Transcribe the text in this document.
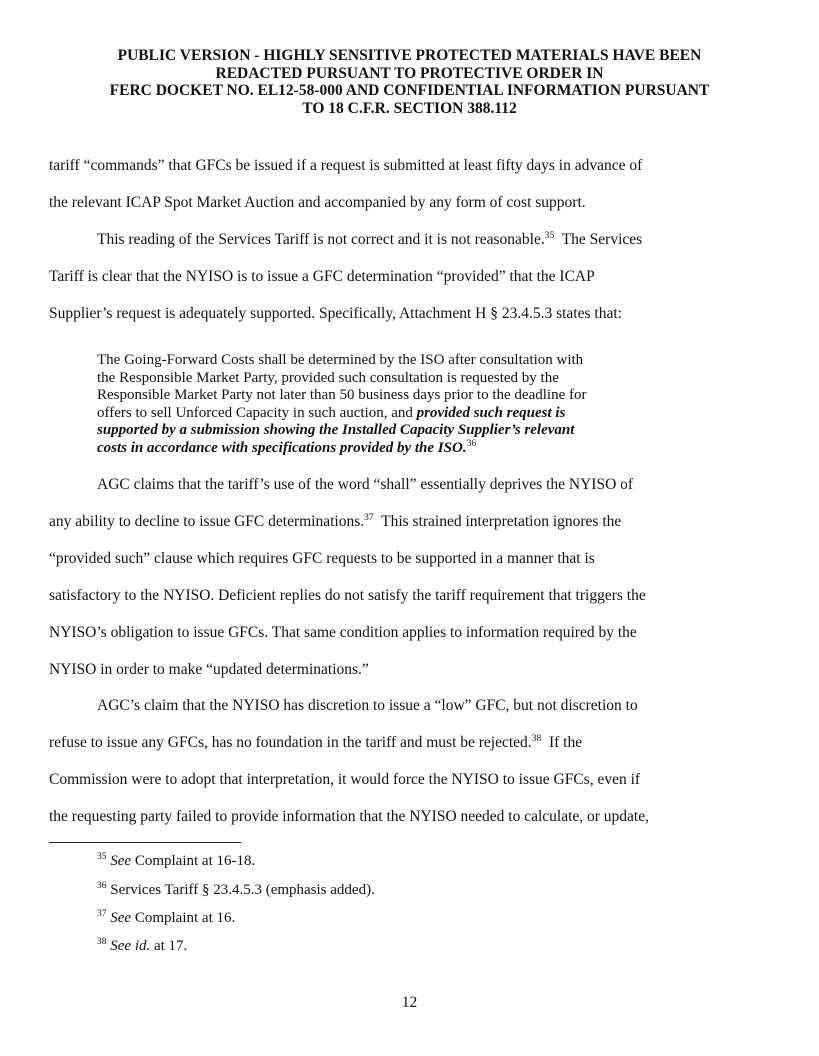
PUBLIC VERSION - HIGHLY SENSITIVE PROTECTED MATERIALS HAVE BEEN
REDACTED PURSUANT TO PROTECTIVE ORDER IN
FERC DOCKET NO. EL12-58-000 AND CONFIDENTIAL INFORMATION PURSUANT
TO 18 C.F.R. SECTION 388.112
tariff “commands” that GFCs be issued if a request is submitted at least fifty days in advance of
the relevant ICAP Spot Market Auction and accompanied by any form of cost support.
This reading of the Services Tariff is not correct and it is not reasonable.$^{35}$  The Services
Tariff is clear that the NYISO is to issue a GFC determination “provided” that the ICAP
Supplier’s request is adequately supported. Specifically, Attachment H § 23.4.5.3 states that:
The Going-Forward Costs shall be determined by the ISO after consultation with
the Responsible Market Party, provided such consultation is requested by the
Responsible Market Party not later than 50 business days prior to the deadline for
offers to sell Unforced Capacity in such auction, and provided such request is
supported by a submission showing the Installed Capacity Supplier’s relevant
costs in accordance with specifications provided by the ISO.$^{36}$
AGC claims that the tariff’s use of the word “shall” essentially deprives the NYISO of
any ability to decline to issue GFC determinations.$^{37}$  This strained interpretation ignores the
“provided such” clause which requires GFC requests to be supported in a manner that is
satisfactory to the NYISO. Deficient replies do not satisfy the tariff requirement that triggers the
NYISO’s obligation to issue GFCs. That same condition applies to information required by the
NYISO in order to make “updated determinations.”
AGC’s claim that the NYISO has discretion to issue a “low” GFC, but not discretion to
refuse to issue any GFCs, has no foundation in the tariff and must be rejected.$^{38}$  If the
Commission were to adopt that interpretation, it would force the NYISO to issue GFCs, even if
the requesting party failed to provide information that the NYISO needed to calculate, or update,
$^{35}$ See Complaint at 16-18.
$^{36}$ Services Tariff § 23.4.5.3 (emphasis added).
$^{37}$ See Complaint at 16.
$^{38}$ See id. at 17.
12
